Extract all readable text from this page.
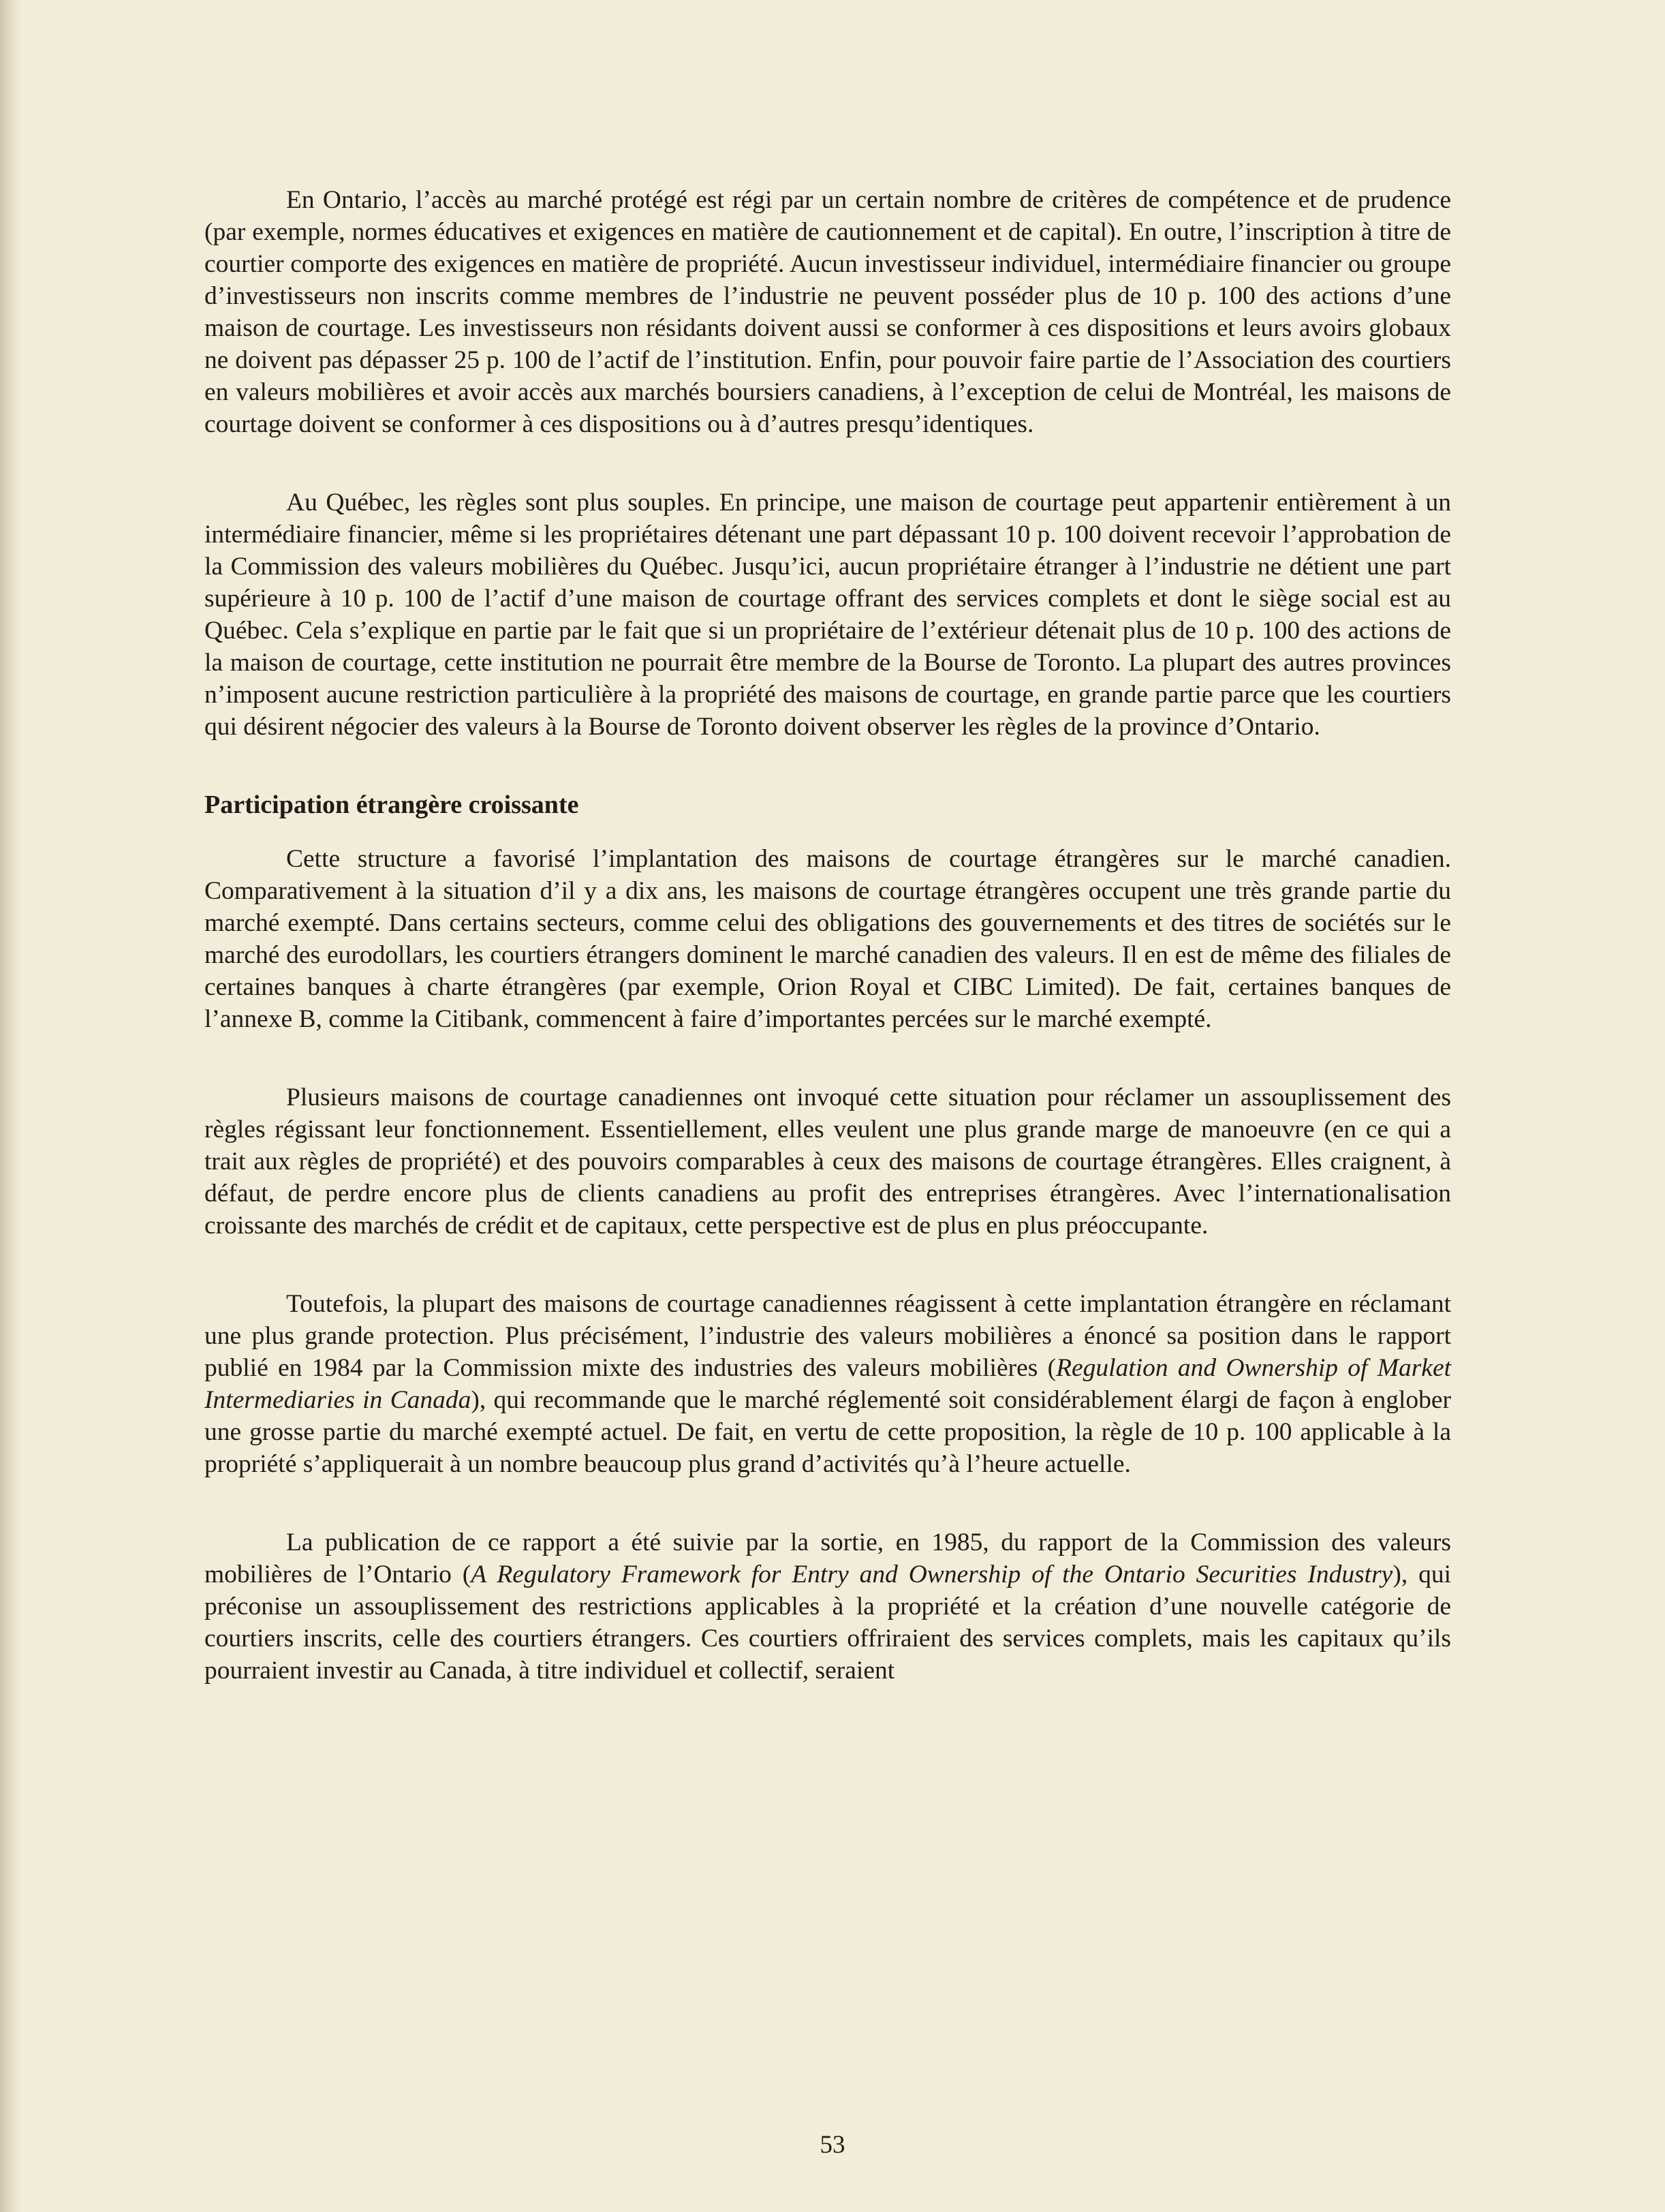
En Ontario, l’accès au marché protégé est régi par un certain nombre de critères de compétence et de prudence (par exemple, normes éducatives et exigences en matière de cautionnement et de capital). En outre, l’inscription à titre de courtier comporte des exigences en matière de propriété. Aucun investisseur individuel, intermédiaire financier ou groupe d’investisseurs non inscrits comme membres de l’industrie ne peuvent posséder plus de 10 p. 100 des actions d’une maison de courtage. Les investisseurs non résidants doivent aussi se conformer à ces dispositions et leurs avoirs globaux ne doivent pas dépasser 25 p. 100 de l’actif de l’institution. Enfin, pour pouvoir faire partie de l’Association des courtiers en valeurs mobilières et avoir accès aux marchés boursiers canadiens, à l’exception de celui de Montréal, les maisons de courtage doivent se conformer à ces dispositions ou à d’autres presqu’identiques.

Au Québec, les règles sont plus souples. En principe, une maison de courtage peut appartenir entièrement à un intermédiaire financier, même si les propriétaires détenant une part dépassant 10 p. 100 doivent recevoir l’approbation de la Commission des valeurs mobilières du Québec. Jusqu’ici, aucun propriétaire étranger à l’industrie ne détient une part supérieure à 10 p. 100 de l’actif d’une maison de courtage offrant des services complets et dont le siège social est au Québec. Cela s’explique en partie par le fait que si un propriétaire de l’extérieur détenait plus de 10 p. 100 des actions de la maison de courtage, cette institution ne pourrait être membre de la Bourse de Toronto. La plupart des autres provinces n’imposent aucune restriction particulière à la propriété des maisons de courtage, en grande partie parce que les courtiers qui désirent négocier des valeurs à la Bourse de Toronto doivent observer les règles de la province d’Ontario.

Participation étrangère croissante

Cette structure a favorisé l’implantation des maisons de courtage étrangères sur le marché canadien. Comparativement à la situation d’il y a dix ans, les maisons de courtage étrangères occupent une très grande partie du marché exempté. Dans certains secteurs, comme celui des obligations des gouvernements et des titres de sociétés sur le marché des eurodollars, les courtiers étrangers dominent le marché canadien des valeurs. Il en est de même des filiales de certaines banques à charte étrangères (par exemple, Orion Royal et CIBC Limited). De fait, certaines banques de l’annexe B, comme la Citibank, commencent à faire d’importantes percées sur le marché exempté.

Plusieurs maisons de courtage canadiennes ont invoqué cette situation pour réclamer un assouplissement des règles régissant leur fonctionnement. Essentiellement, elles veulent une plus grande marge de manoeuvre (en ce qui a trait aux règles de propriété) et des pouvoirs comparables à ceux des maisons de courtage étrangères. Elles craignent, à défaut, de perdre encore plus de clients canadiens au profit des entreprises étrangères. Avec l’internationalisation croissante des marchés de crédit et de capitaux, cette perspective est de plus en plus préoccupante.

Toutefois, la plupart des maisons de courtage canadiennes réagissent à cette implantation étrangère en réclamant une plus grande protection. Plus précisément, l’industrie des valeurs mobilières a énoncé sa position dans le rapport publié en 1984 par la Commission mixte des industries des valeurs mobilières (Regulation and Ownership of Market Intermediaries in Canada), qui recommande que le marché réglementé soit considérablement élargi de façon à englober une grosse partie du marché exempté actuel. De fait, en vertu de cette proposition, la règle de 10 p. 100 applicable à la propriété s’appliquerait à un nombre beaucoup plus grand d’activités qu’à l’heure actuelle.

La publication de ce rapport a été suivie par la sortie, en 1985, du rapport de la Commission des valeurs mobilières de l’Ontario (A Regulatory Framework for Entry and Ownership of the Ontario Securities Industry), qui préconise un assouplissement des restrictions applicables à la propriété et la création d’une nouvelle catégorie de courtiers inscrits, celle des courtiers étrangers. Ces courtiers offriraient des services complets, mais les capitaux qu’ils pourraient investir au Canada, à titre individuel et collectif, seraient

53
